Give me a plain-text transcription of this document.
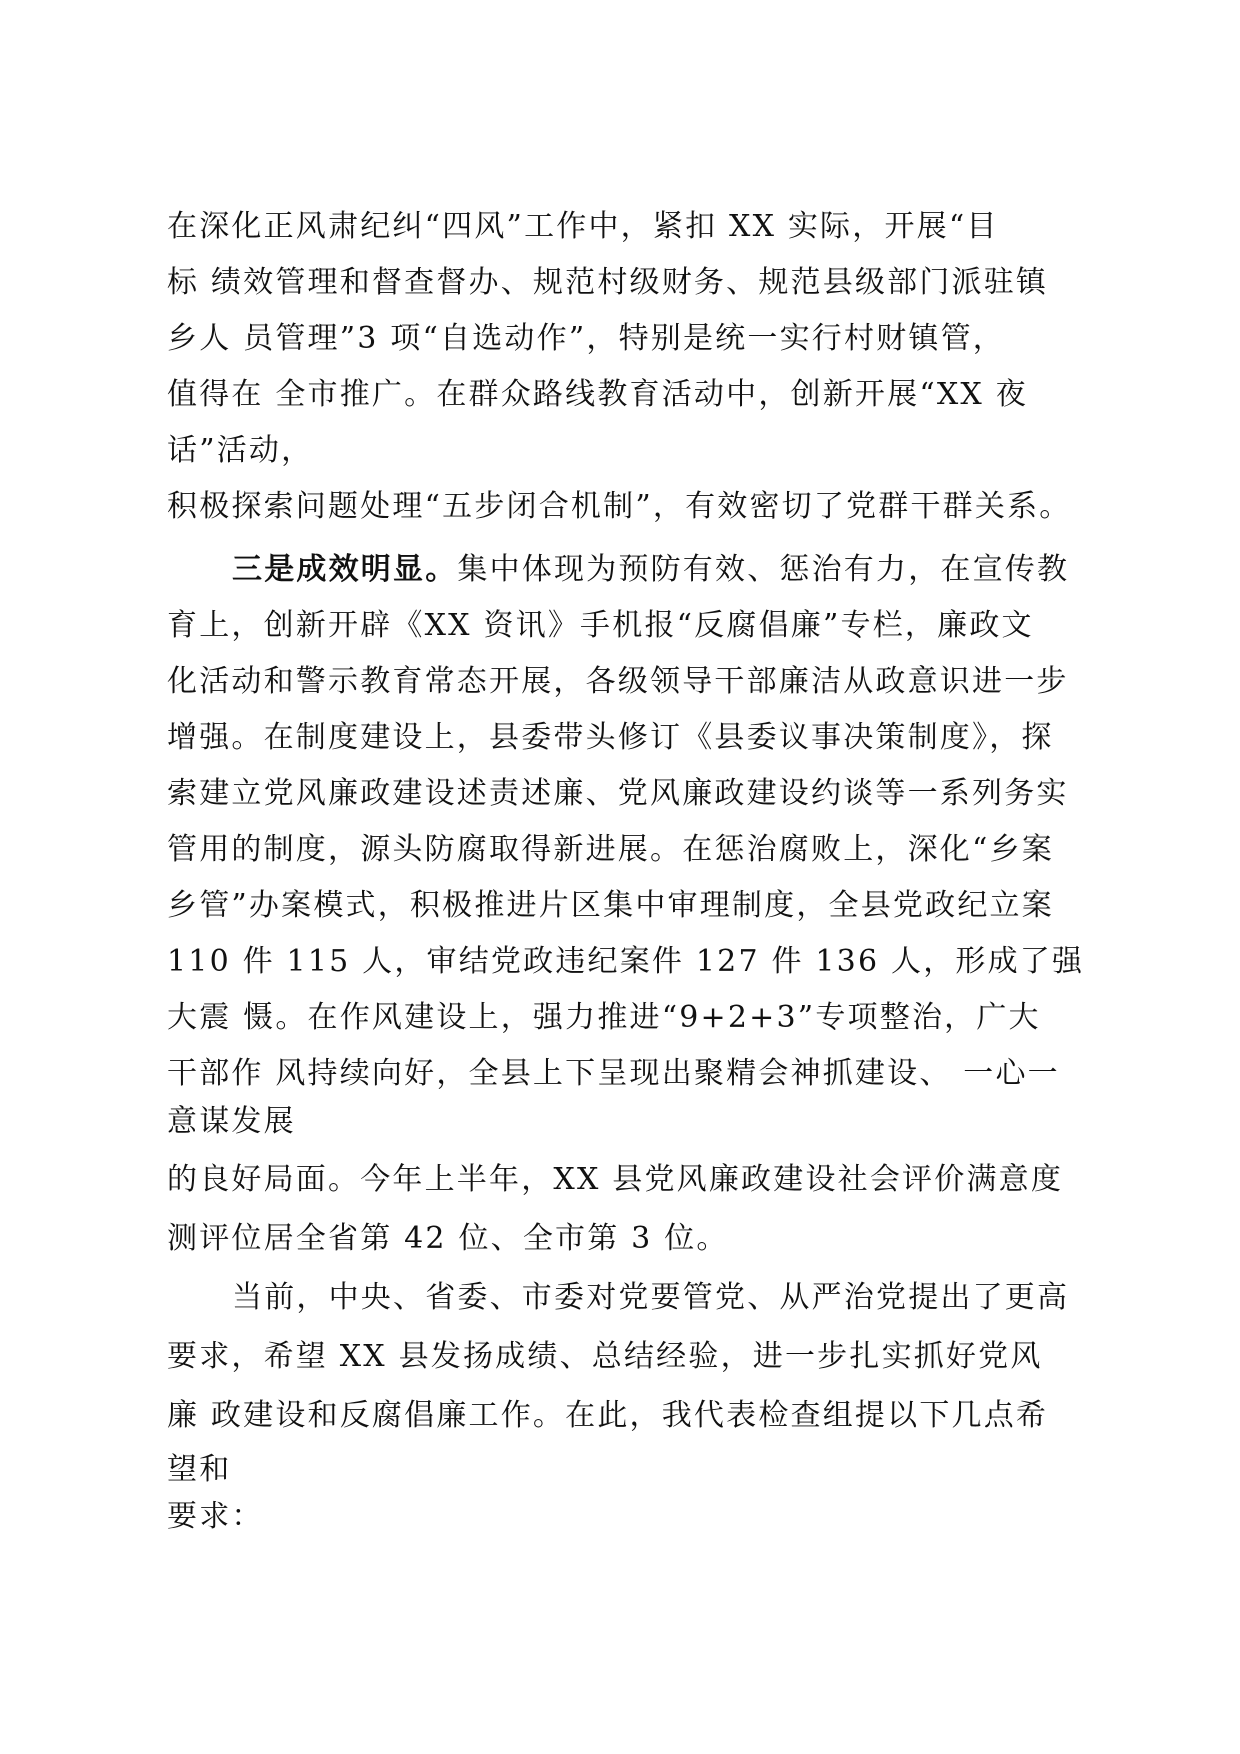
在深化正风肃纪纠“四风”工作中，紧扣 XX 实际，开展“目
标 绩效管理和督查督办、规范村级财务、规范县级部门派驻镇
乡人 员管理”3 项“自选动作”，特别是统一实行村财镇管，
值得在 全市推广。在群众路线教育活动中，创新开展“XX 夜
话”活动，
积极探索问题处理“五步闭合机制”，有效密切了党群干群关系。
三是成效明显。集中体现为预防有效、惩治有力，在宣传教
育上，创新开辟《XX 资讯》手机报“反腐倡廉”专栏，廉政文
化活动和警示教育常态开展，各级领导干部廉洁从政意识进一步
增强。在制度建设上，县委带头修订《县委议事决策制度》，探
索建立党风廉政建设述责述廉、党风廉政建设约谈等一系列务实
管用的制度，源头防腐取得新进展。在惩治腐败上，深化“乡案
乡管”办案模式，积极推进片区集中审理制度，全县党政纪立案
110 件 115 人，审结党政违纪案件 127 件 136 人，形成了强
大震 慑。在作风建设上，强力推进“9+2+3”专项整治，广大
干部作 风持续向好，全县上下呈现出聚精会神抓建设、 一心一
意谋发展
的良好局面。今年上半年，XX 县党风廉政建设社会评价满意度
测评位居全省第 42 位、全市第 3 位。
当前，中央、省委、市委对党要管党、从严治党提出了更高
要求，希望 XX 县发扬成绩、总结经验，进一步扎实抓好党风
廉 政建设和反腐倡廉工作。在此，我代表检查组提以下几点希
望和
要求：
